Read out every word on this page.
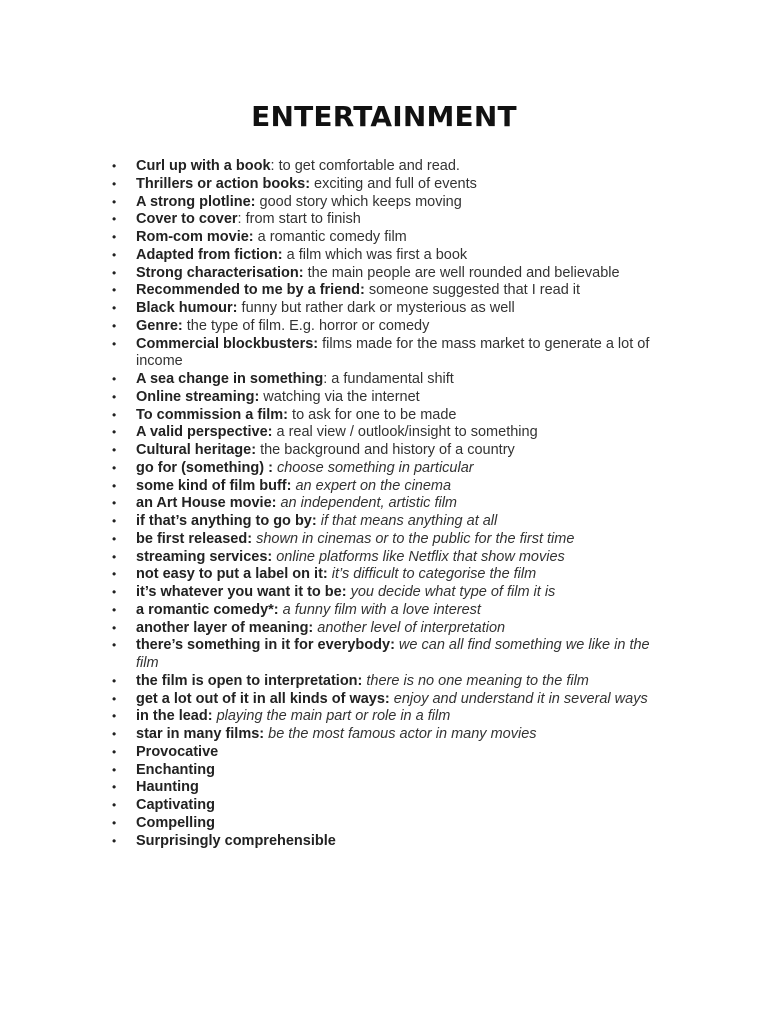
ENTERTAINMENT
• Curl up with a book: to get comfortable and read.
• Thrillers or action books: exciting and full of events
• A strong plotline: good story which keeps moving
• Cover to cover: from start to finish
• Rom-com movie: a romantic comedy film
• Adapted from fiction: a film which was first a book
• Strong characterisation: the main people are well rounded and believable
• Recommended to me by a friend: someone suggested that I read it
• Black humour: funny but rather dark or mysterious as well
• Genre: the type of film. E.g. horror or comedy
• Commercial blockbusters: films made for the mass market to generate a lot of income
• A sea change in something: a fundamental shift
• Online streaming: watching via the internet
• To commission a film: to ask for one to be made
• A valid perspective: a real view / outlook/insight to something
• Cultural heritage: the background and history of a country
• go for (something) : choose something in particular
• some kind of film buff: an expert on the cinema
• an Art House movie: an independent, artistic film
• if that’s anything to go by: if that means anything at all
• be first released: shown in cinemas or to the public for the first time
• streaming services: online platforms like Netflix that show movies
• not easy to put a label on it: it’s difficult to categorise the film
• it’s whatever you want it to be: you decide what type of film it is
• a romantic comedy*: a funny film with a love interest
• another layer of meaning: another level of interpretation
• there’s something in it for everybody: we can all find something we like in the film
• the film is open to interpretation: there is no one meaning to the film
• get a lot out of it in all kinds of ways: enjoy and understand it in several ways
• in the lead: playing the main part or role in a film
• star in many films: be the most famous actor in many movies
• Provocative
• Enchanting
• Haunting
• Captivating
• Compelling
• Surprisingly comprehensible
